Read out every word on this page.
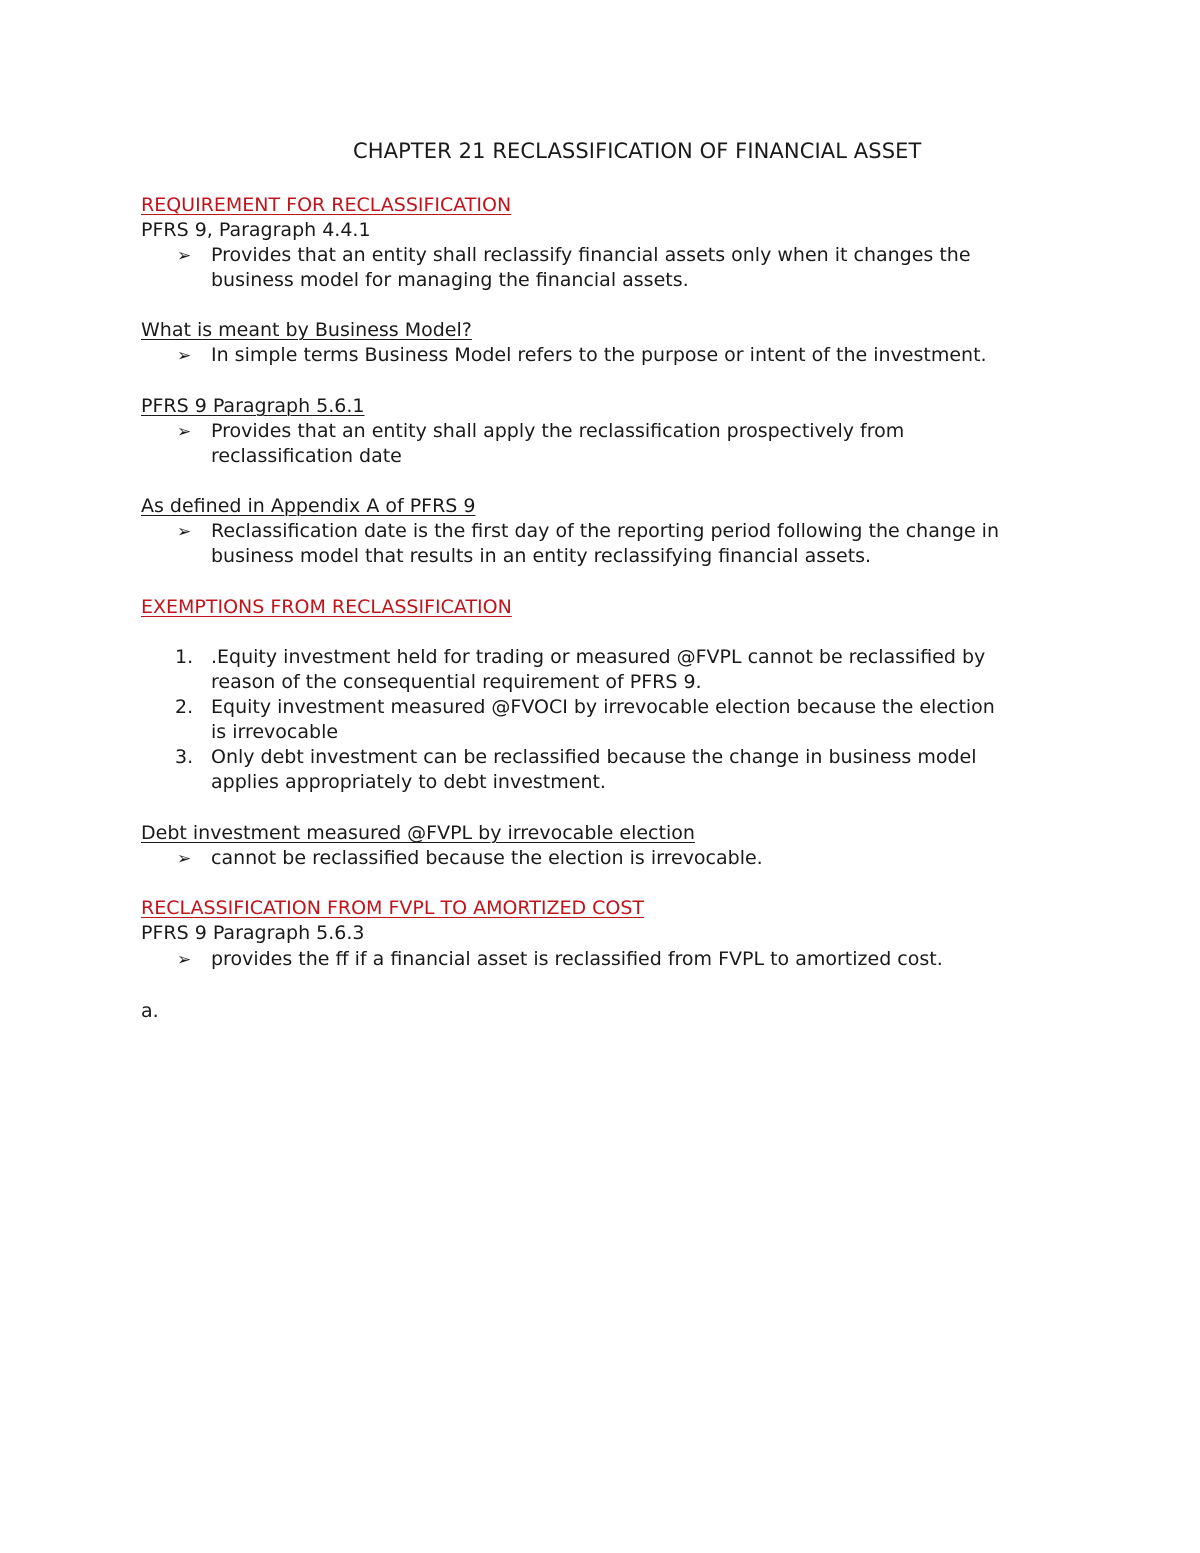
CHAPTER 21 RECLASSIFICATION OF FINANCIAL ASSET
REQUIREMENT FOR RECLASSIFICATION
PFRS 9, Paragraph 4.4.1
➢ Provides that an entity shall reclassify financial assets only when it changes the
business model for managing the financial assets.
What is meant by Business Model?
➢ In simple terms Business Model refers to the purpose or intent of the investment.
PFRS 9 Paragraph 5.6.1
➢ Provides that an entity shall apply the reclassification prospectively from
reclassification date
As defined in Appendix A of PFRS 9
➢ Reclassification date is the first day of the reporting period following the change in
business model that results in an entity reclassifying financial assets.
EXEMPTIONS FROM RECLASSIFICATION
1. .Equity investment held for trading or measured @FVPL cannot be reclassified by
reason of the consequential requirement of PFRS 9.
2. Equity investment measured @FVOCI by irrevocable election because the election
is irrevocable
3. Only debt investment can be reclassified because the change in business model
applies appropriately to debt investment.
Debt investment measured @FVPL by irrevocable election
➢ cannot be reclassified because the election is irrevocable.
RECLASSIFICATION FROM FVPL TO AMORTIZED COST
PFRS 9 Paragraph 5.6.3
➢ provides the ff if a financial asset is reclassified from FVPL to amortized cost.
a.
